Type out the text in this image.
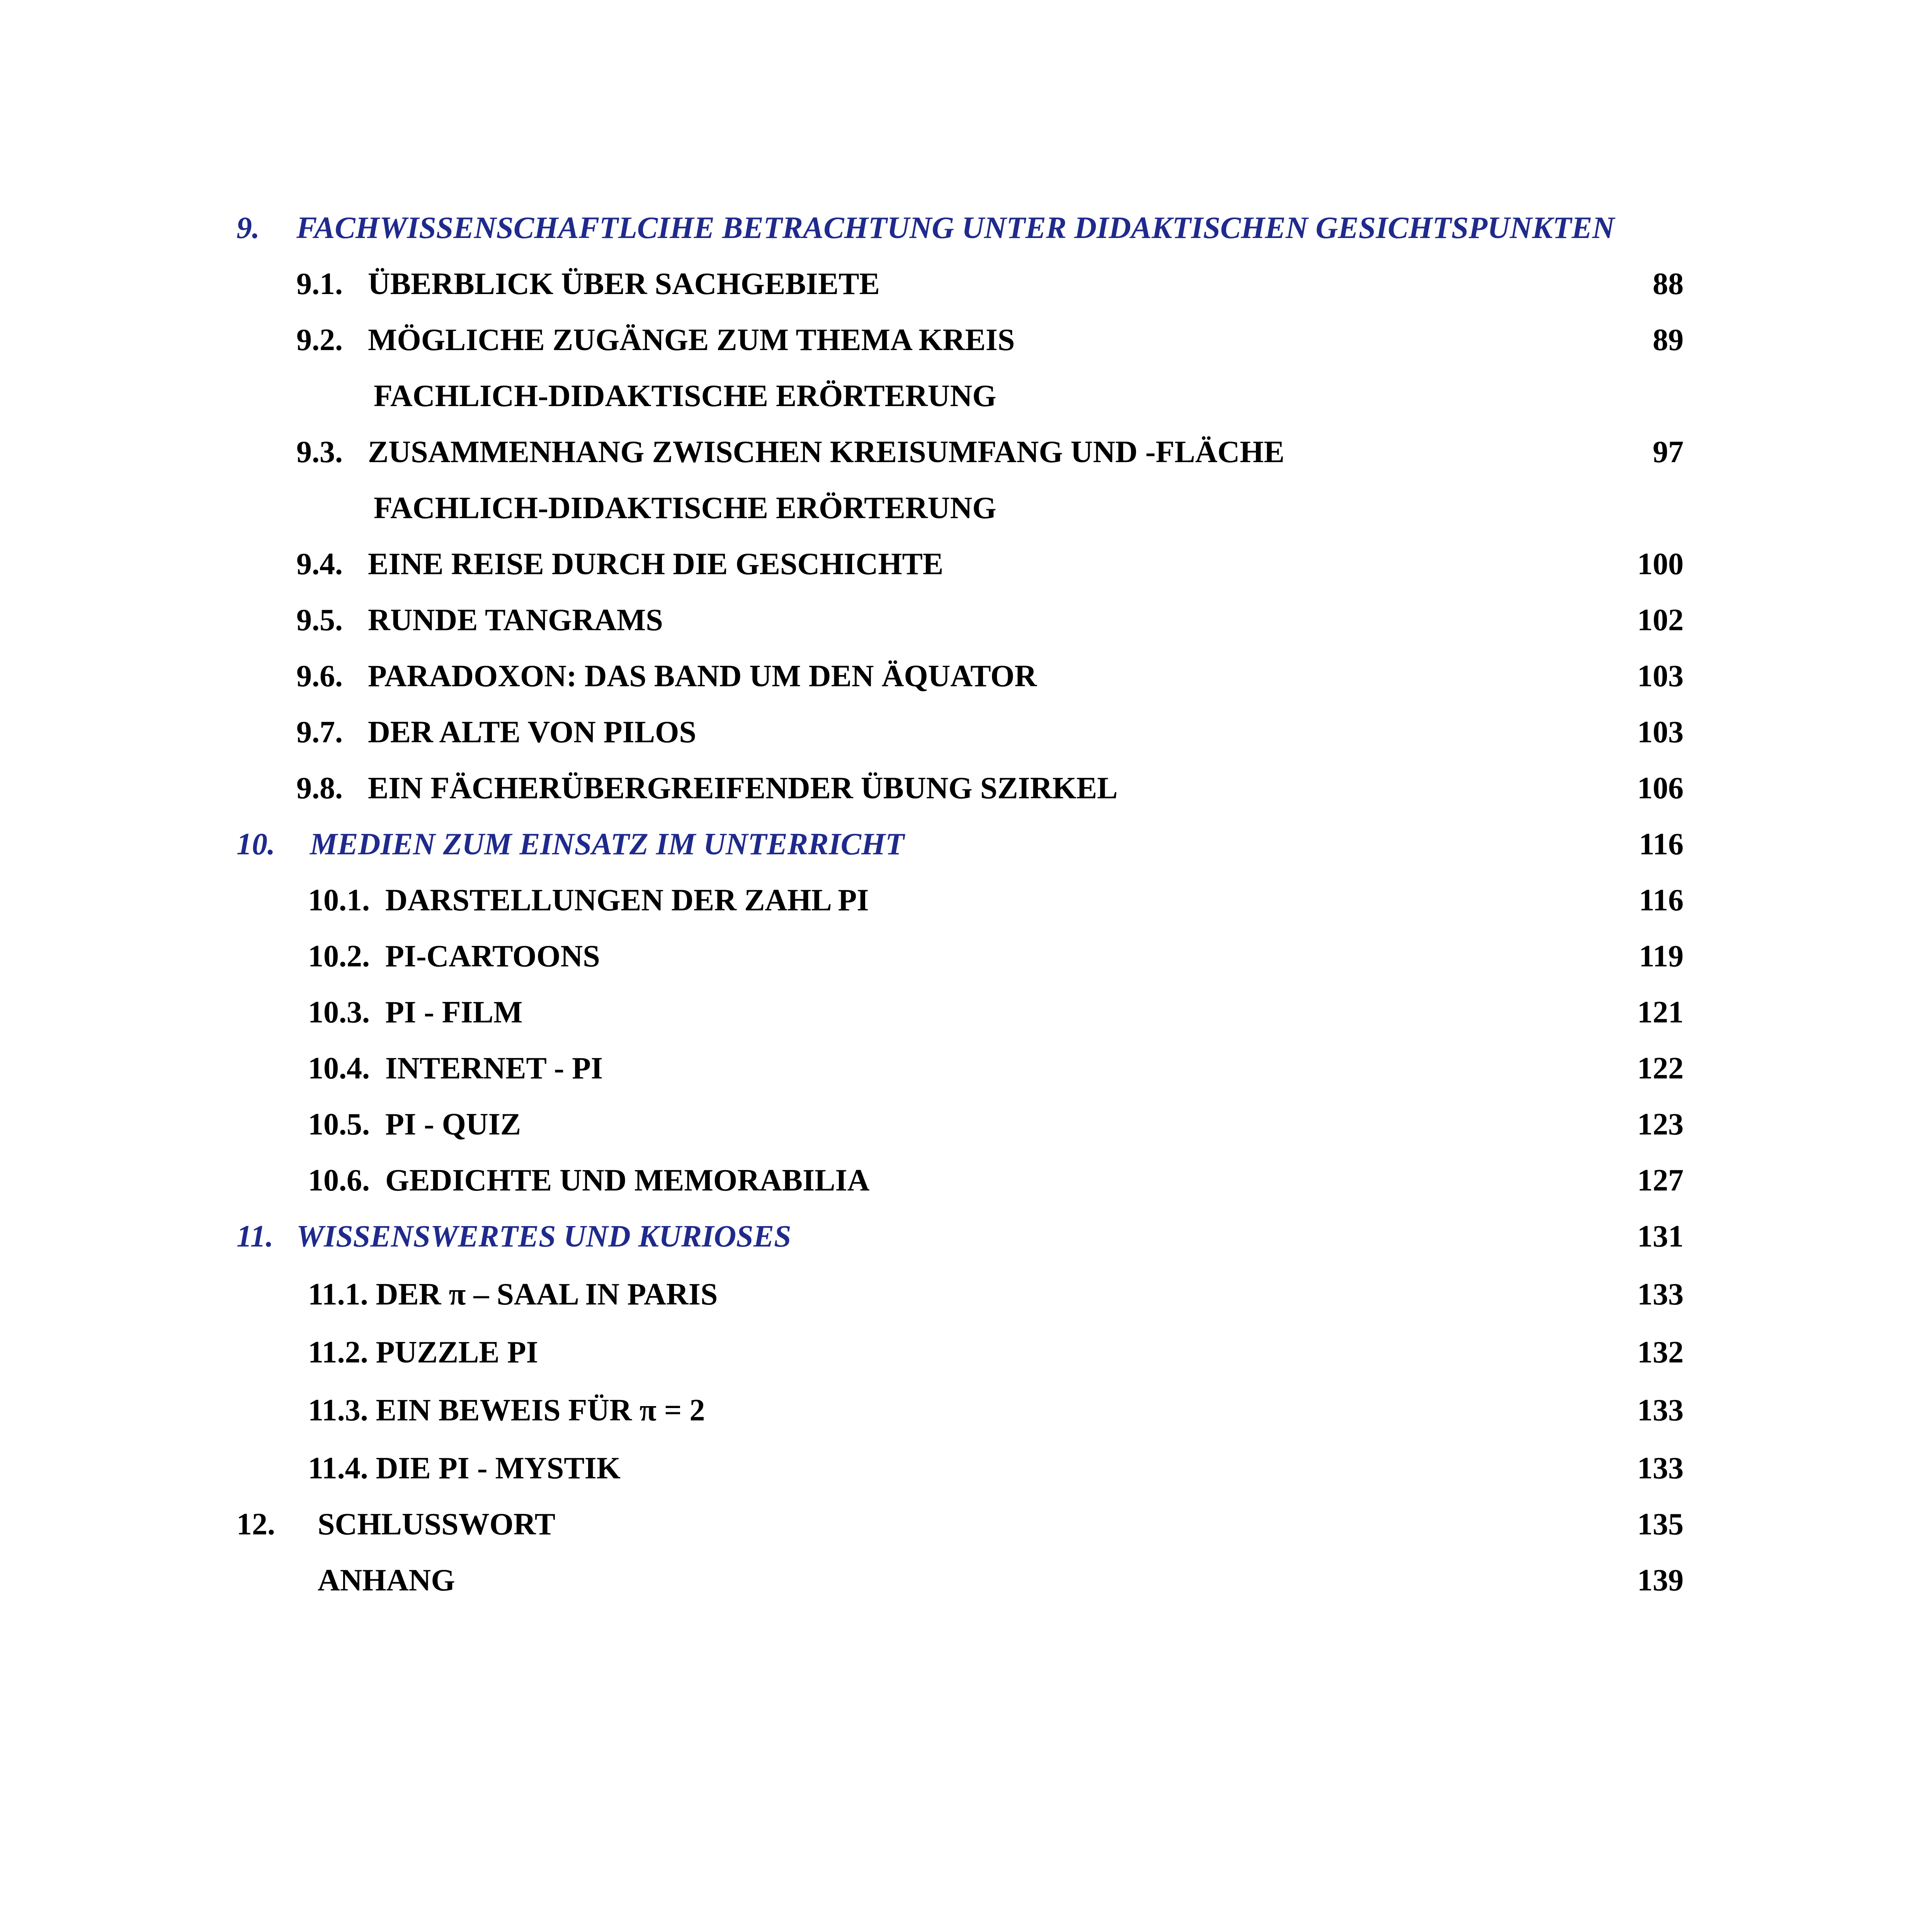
9. FACHWISSENSCHAFTLCIHE BETRACHTUNG UNTER DIDAKTISCHEN GESICHTSPUNKTEN
9.1. ÜBERBLICK ÜBER SACHGEBIETE	88
9.2. MÖGLICHE ZUGÄNGE ZUM THEMA KREIS	89
FACHLICH-DIDAKTISCHE ERÖRTERUNG
9.3. ZUSAMMENHANG ZWISCHEN KREISUMFANG UND -FLÄCHE	97
FACHLICH-DIDAKTISCHE ERÖRTERUNG
9.4. EINE REISE DURCH DIE GESCHICHTE	100
9.5. RUNDE TANGRAMS	102
9.6. PARADOXON: DAS BAND UM DEN ÄQUATOR	103
9.7. DER ALTE VON PILOS	103
9.8. EIN FÄCHERÜBERGREIFENDER ÜBUNG SZIRKEL	106
10. MEDIEN ZUM EINSATZ IM UNTERRICHT	116
10.1. DARSTELLUNGEN DER ZAHL PI	116
10.2. PI-CARTOONS	119
10.3. PI - FILM	121
10.4. INTERNET - PI	122
10.5. PI - QUIZ	123
10.6. GEDICHTE UND MEMORABILIA	127
11. WISSENSWERTES UND KURIOSES	131
11.1. DER π – SAAL IN PARIS	133
11.2. PUZZLE PI	132
11.3. EIN BEWEIS FÜR π = 2	133
11.4. DIE PI - MYSTIK	133
12. SCHLUSSWORT	135
ANHANG	139
